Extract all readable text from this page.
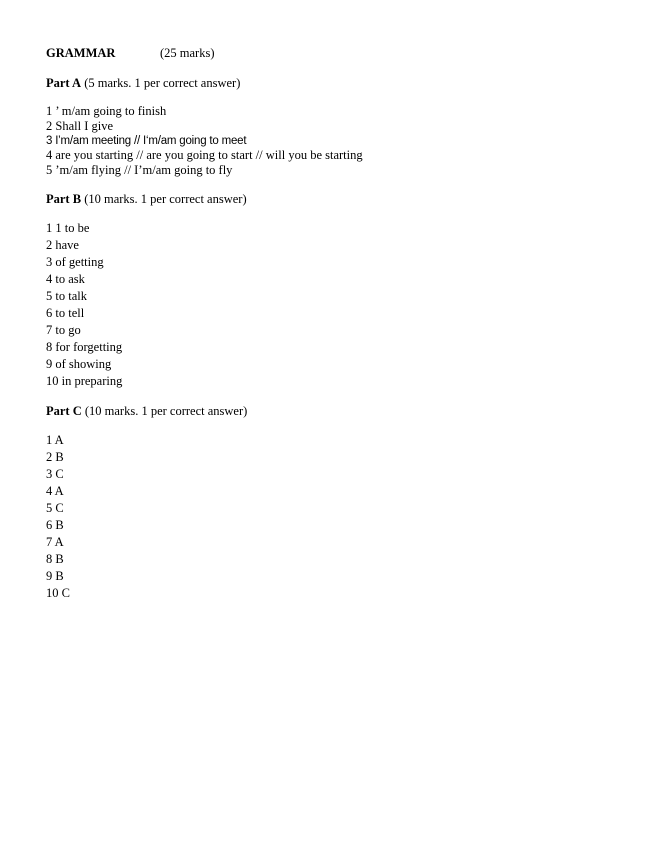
GRAMMAR	(25 marks)
Part A (5 marks. 1 per correct answer)
1 ’ m/am going to finish
2 Shall I give
3 I’m/am meeting // I‘m/am going to meet
4 are you starting // are you going to start // will you be starting
5 ’m/am flying // I’m/am going to fly
Part B (10 marks. 1 per correct answer)
1 1 to be
2 have
3 of getting
4 to ask
5 to talk
6 to tell
7 to go
8 for forgetting
9 of showing
10 in preparing
Part C (10 marks. 1 per correct answer)
1 A
2 B
3 C
4 A
5 C
6 B
7 A
8 B
9 B
10 C
